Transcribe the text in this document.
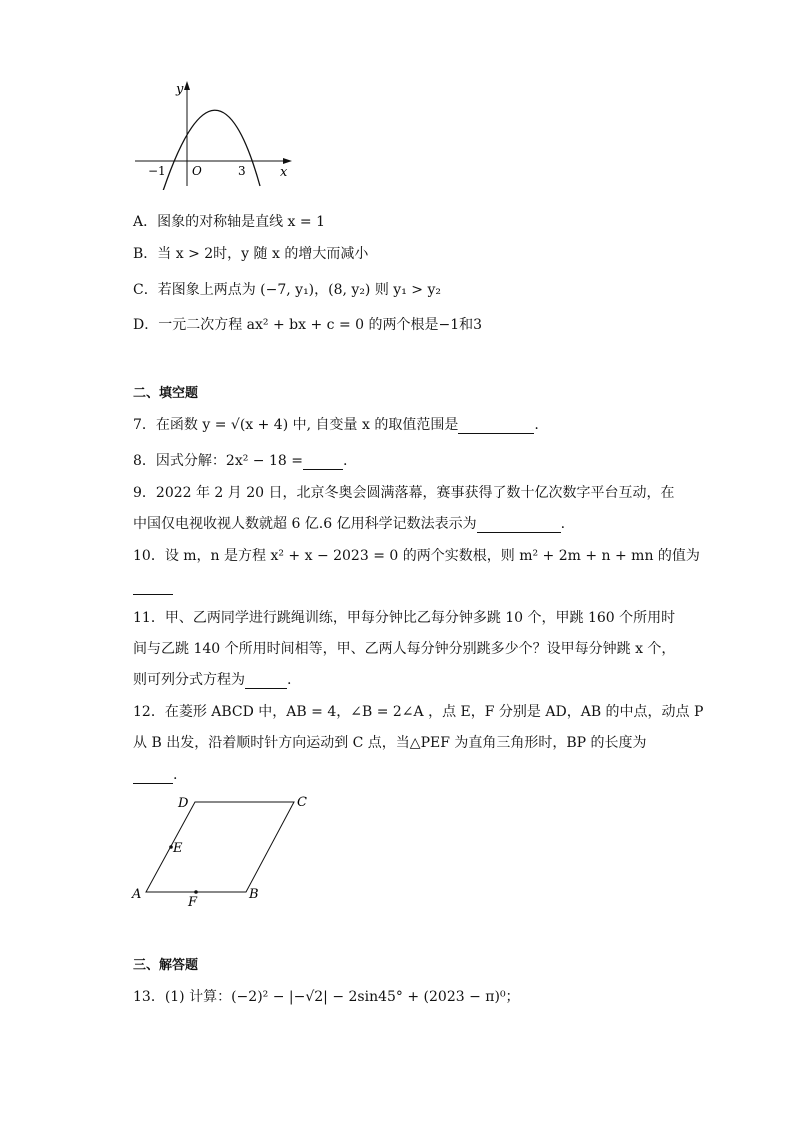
y
x
O
−1	3
A．图象的对称轴是直线 x = 1
B．当 x > 2时，y 随 x 的增大而减小
C．若图象上两点为 (−7, y₁)，(8, y₂) 则 y₁ > y₂
D．一元二次方程 ax² + bx + c = 0 的两个根是−1和3
二、填空题
7．在函数 y = √(x + 4) 中, 自变量 x 的取值范围是	.
8．因式分解：2x² − 18 =	.
9．2022 年 2 月 20 日，北京冬奥会圆满落幕，赛事获得了数十亿次数字平台互动，在
中国仅电视收视人数就超 6 亿.6 亿用科学记数法表示为	.
10．设 m，n 是方程 x² + x − 2023 = 0 的两个实数根，则 m² + 2m + n + mn 的值为
11．甲、乙两同学进行跳绳训练，甲每分钟比乙每分钟多跳 10 个，甲跳 160 个所用时
间与乙跳 140 个所用时间相等，甲、乙两人每分钟分别跳多少个？设甲每分钟跳 x 个，
则可列分式方程为	.
12．在菱形 ABCD 中，AB = 4，∠B = 2∠A ，点 E，F 分别是 AD，AB 的中点，动点 P
从 B 出发，沿着顺时针方向运动到 C 点，当△PEF 为直角三角形时，BP 的长度为
.
A	B
C
D
E
F
三、解答题
13．(1) 计算：(−2)² − |−√2| − 2sin45° + (2023 − π)⁰；
